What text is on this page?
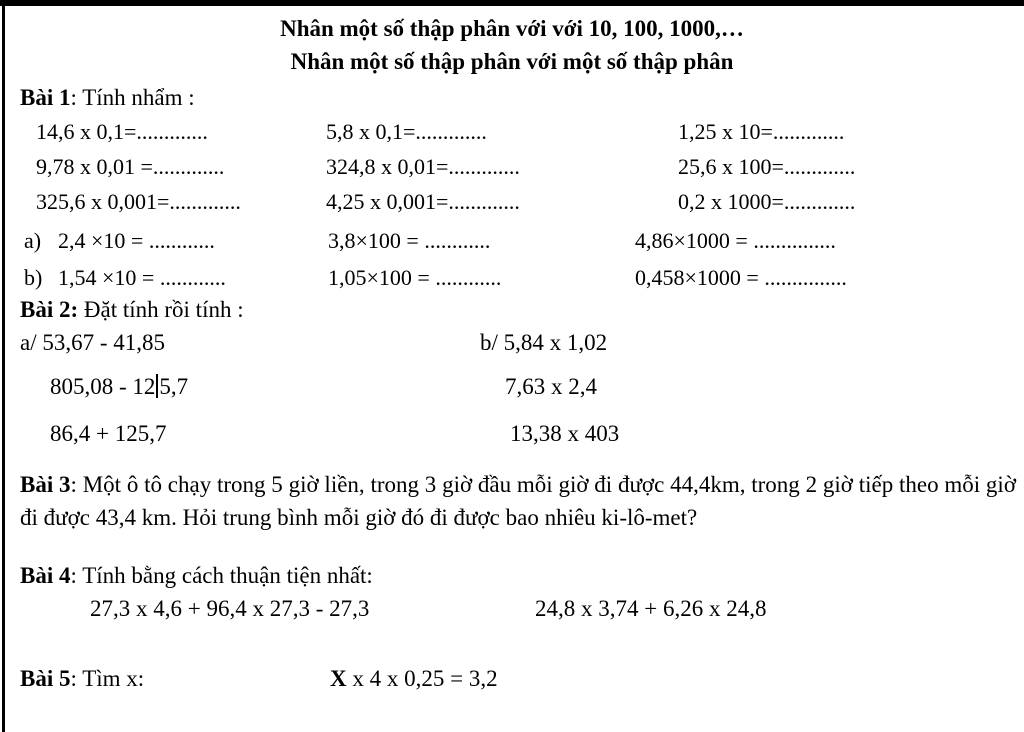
Nhân một số thập phân với với 10, 100, 1000,…
Nhân một số thập phân với một số thập phân
Bài 1: Tính nhẩm :
14,6 x 0,1=.............	5,8 x 0,1=.............	1,25 x 10=.............
9,78 x 0,01 =.............	324,8 x 0,01=.............	25,6 x 100=.............
325,6 x 0,001=.............	4,25 x 0,001=.............	0,2 x 1000=.............
a) 2,4 ×10 = ............	3,8×100 = ............	4,86×1000 = ...............
b) 1,54 ×10 = ............	1,05×100 = ............	0,458×1000 = ...............
Bài 2: Đặt tính rồi tính :
a/ 53,67 - 41,85
805,08 - 12 5,7
86,4 + 125,7
b/ 5,84 x 1,02
7,63 x 2,4
13,38 x 403
Bài 3: Một ô tô chạy trong 5 giờ liền, trong 3 giờ đầu mỗi giờ đi được 44,4km, trong 2 giờ tiếp theo mỗi giờ đi được 43,4 km. Hỏi trung bình mỗi giờ đó đi được bao nhiêu ki-lô-met?
Bài 4: Tính bằng cách thuận tiện nhất:
27,3 x 4,6 + 96,4 x 27,3 - 27,3	24,8 x 3,74 + 6,26 x 24,8
Bài 5: Tìm x:	X x 4 x 0,25 = 3,2
